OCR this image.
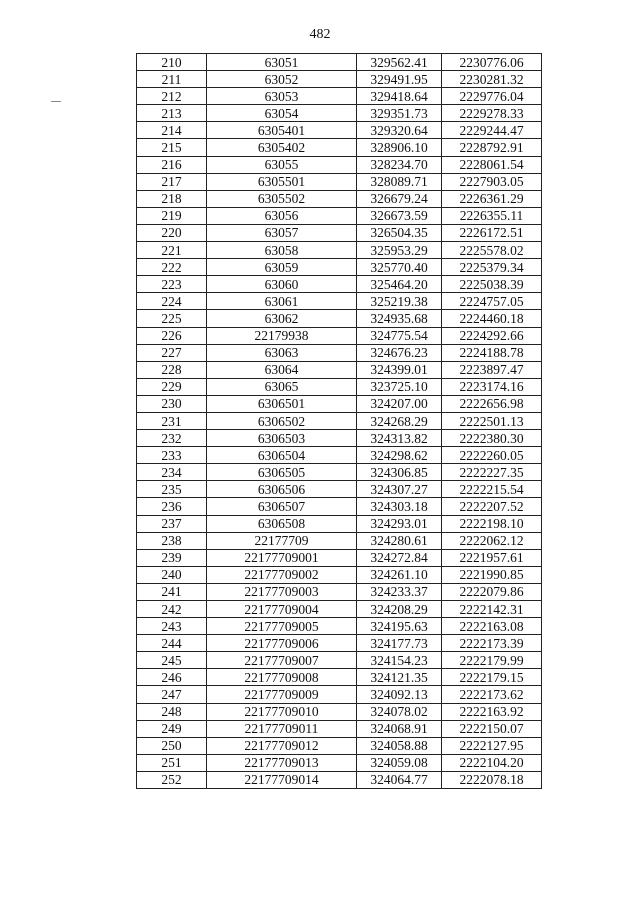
482
210	63051	329562.41	2230776.06
211	63052	329491.95	2230281.32
212	63053	329418.64	2229776.04
213	63054	329351.73	2229278.33
214	6305401	329320.64	2229244.47
215	6305402	328906.10	2228792.91
216	63055	328234.70	2228061.54
217	6305501	328089.71	2227903.05
218	6305502	326679.24	2226361.29
219	63056	326673.59	2226355.11
220	63057	326504.35	2226172.51
221	63058	325953.29	2225578.02
222	63059	325770.40	2225379.34
223	63060	325464.20	2225038.39
224	63061	325219.38	2224757.05
225	63062	324935.68	2224460.18
226	22179938	324775.54	2224292.66
227	63063	324676.23	2224188.78
228	63064	324399.01	2223897.47
229	63065	323725.10	2223174.16
230	6306501	324207.00	2222656.98
231	6306502	324268.29	2222501.13
232	6306503	324313.82	2222380.30
233	6306504	324298.62	2222260.05
234	6306505	324306.85	2222227.35
235	6306506	324307.27	2222215.54
236	6306507	324303.18	2222207.52
237	6306508	324293.01	2222198.10
238	22177709	324280.61	2222062.12
239	22177709001	324272.84	2221957.61
240	22177709002	324261.10	2221990.85
241	22177709003	324233.37	2222079.86
242	22177709004	324208.29	2222142.31
243	22177709005	324195.63	2222163.08
244	22177709006	324177.73	2222173.39
245	22177709007	324154.23	2222179.99
246	22177709008	324121.35	2222179.15
247	22177709009	324092.13	2222173.62
248	22177709010	324078.02	2222163.92
249	22177709011	324068.91	2222150.07
250	22177709012	324058.88	2222127.95
251	22177709013	324059.08	2222104.20
252	22177709014	324064.77	2222078.18
